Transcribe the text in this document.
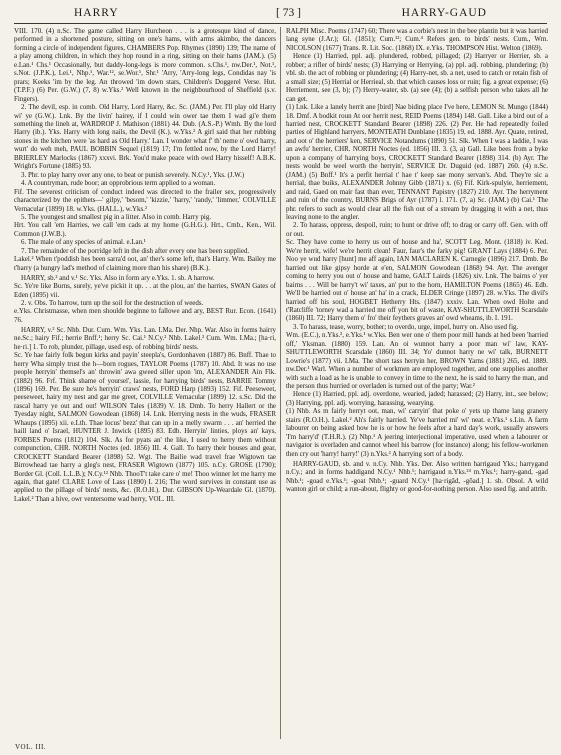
HARRY	[ 73 ]	HARRY-GAUD

VIII. 170. (4) n.Sc. The game called Harry Hurcheon . . . is a grotesque kind of dance, performed in a shortened posture, sitting on one's hams, with arms akimbo, the dancers forming a circle of independent figures, CHAMBERS Pop. Rhymes (1890) 139; The name of a play among children, in which they hop round in a ring, sitting on their hams (JAM.). (5) e.Lan.¹ Chs.¹ Occasionally, but daddy-long-legs is more common. s.Chs.¹, nw.Der.¹, Not.¹, s.Not. (J.P.K.), Lei.¹, Nhp.¹, War.¹², se.Wor.¹, Shr.¹ 'Arry, 'Arry-long legs, Condidas nay 'is prars; Keeks 'im by the leg. An throwed 'im down stars, Children's Doggerel Verse. Hut. (T.P.F.) (6) Per. (G.W.) (7, 8) w.Yks.² Well known in the neighbourhood of Sheffield (s.v. Fingers).

2. The devil, esp. in comb. Old Harry, Lord Harry, &c. Sc. (JAM.) Per. I'll play old Harry wi' ye (G.W.). Lnk. By the livin' hairey, if I could win ower tae them I wad gi'e them something the lineh at, WARDROP J. Mathison (1881) 44. Dub. (A.S.-P.) Wmh. By the lord Harry (ib.). Yks. Harry with long nails, the Devil (K.). w.Yks.² A girl said that her rubbing stones in the kitchen were 'as hard as Old Harry.' Lan. I wonder what f' th' neme o' owd harry, wurt' do weh meh, PAUL BOBBIN Sequel (1819) 17; I'm fettled now, by the Lord Harry! BRIERLEY Marlocks (1867) xxxvi. Brk. You'd make peace with owd Harry hisself! A.B.K. Wright's Fortune (1885) 93.

3. Phr. to play harry over any one, to beat or punish severely. N.Cy.¹, Yks. (J.W.)

4. A countryman, rude boor; an opprobrious term applied to a woman.

Fif. The severest criticism of conduct indeed was directed to the frailer sex, progressively characterized by the epithets—' gilpy,' 'besom,' 'kizzie,' 'harry,' 'randy,' 'limmer,' COLVILLE Vernacular (1899) 18. w.Yks. (HALL.), w.Yks.²

5. The youngest and smallest pig in a litter. Also in comb. Harry pig.

Hrt. You call 'em Harries, we call 'em cads at my home (G.H.G.). Hrt., Cmb., Ken., Wil. Common (J.W.B.).

6. The male of any species of animal. e.Lan.¹

7. The remainder of the porridge left in the dish after every one has been supplied.

Lakel.² When t'poddish hes been sarra'd oot, an' ther's some left, that's Harry. Wm. Bailey me t'harry (a hungry lad's method of claiming more than his share) (B.K.).

HARRY, sb.² and v.¹ Sc. Yks. Also in form ary e.Yks. 1. sb. A harrow.

Sc. Ye're like Burns, surely, ye've pickit it up. . . at the plou, an' the harries, SWAN Gates of Eden (1895) vii.

2. v. Obs. To harrow, turn up the soil for the destruction of weeds.

e.Yks. Christmasse, when men shoulde beginne to fallowe and ary, BEST Rur. Econ. (1641) 76.

HARRY, v.² Sc. Nhb. Dur. Cum. Wm. Yks. Lan. I.Ma. Der. Nhp. War. Also in forms hairry ne.Sc.; hairy Fif.; herrie Bnff.¹; herry Sc. Cai.¹ N.Cy.² Nhb. Lakel.² Cum. Wm. I.Ma.; [ha·ri, he·ri.] 1. To rob, plunder, pillage, used esp. of robbing birds' nests.

Sc. Ye hae fairly folk begun kirks and payin' steepla's, Gordonhaven (1887) 86. Bnff. Thae to herry Wha simply trust the h—born rogues, TAYLOR Poems (1787) 10. Abd. It was no use people herryin' themsel's an' throwin' awa gweed siller upon 'im, ALEXANDER Ain Flk. (1882) 96. Frf. Think shame of yoursel', lassie, for harrying birds' nests, BARRIE Tommy (1896) 169. Per. Be sure he's herryin' craws' nests, FORD Harp (1893) 152. Fif. Peeseweet, peeseweet, hairy my nest and gar me greet, COLVILLE Vernacular (1899) 12. s.Sc. Did the rascal harry ye out and out! WILSON Tales (1839) V. 18. Dmb. To herry Hallert or the Tyesday night, SALMON Gowodean (1868) 14. Lnk. Herrying nests in the wuds, FRASER Whaups (1895) xii. e.Lth. Thae locus' bezz' that can up in a melly swarm . . . an' herried the haill land o' Israel, HUNTER J. Inwick (1895) 83. Edb. Herryin' linties, ploys an' kays, FORBES Poems (1812) 104. Slk. As for pyats an' the like, I used to herry them without compunction, CHR. NORTH Noctes (ed. 1856) III. 4. Gall. To harry their houses and gear, CROCKETT Standard Bearer (1898) 52. Wgt. The Bailie wad travel frae Wigtown tae Birrowhead tae harry a gleg's nest, FRASER Wigtown (1877) 105. n.Cy. GROSE (1790); Border Gl. (Coll. L.L.B.); N.Cy.¹² Nhb. ThooT't take care o' me! Thoo winner let me harry me again, that gate! CLARE Love of Lass (1890) I. 216; The word survives in constant use as applied to the pillage of birds' nests, &c. (R.O.H.). Dur. GIBSON Up-Weardale Gl. (1870). Lakel.² Than a hive, owr ventersome wad herry, VOL. III.

RALPH Misc. Poems (1747) 60; There was a corbie's nest in the bee plantin but it was harried lang syne (J.Ar.); Gl. (1851); Cum.¹²; Cum.⁴ Refers gen. to birds' nests. Cum., Wm. NICOLSON (1677) Trans. R. Lit. Soc. (1868) IX. e.Yks. THOMPSON Hist. Welton (1869).

Hence (1) Harried, ppl. adj. plundered, robbed, pillaged; (2) Harryer or Herrier, sb. a robber; a rifler of birds' nests; (3) Harrying or Herrying, (a) ppl. adj. robbing, plundering; (b) vbl. sb. the act of robbing or plundering; (4) Harry-net, sb. a net, used to catch or retain fish of a small size; (5) Herrial or Herrieal, sb. that which causes loss or ruin; fig. a great expense; (6) Herriement, see (3, b); (7) Herry-water, sb. (a) see (4); (b) a selfish person who takes all he can get.

(1) Lnk. Like a lanely herrit ane [bird] Nae biding place I've here, LEMON St. Mungo (1844) 18. Dmf. A bodkit roun At oor herrit nest, REID Poems (1894) 148. Gall. Like a bird out of a harried nest, CROCKETT Standard Bearer (1898) 226. (2) Per. He had repeatedly foiled parties of Highland harryers, MONTEATH Dunblane (1835) 19, ed. 1888. Ayr. Quate, retired, and oot o' the herriers' ken, SERVICE Notandums (1890) 51. Slk. When I was a laddie, I was an awfu' herrier, CHR. NORTH Noctes (ed. 1856) III. 3. (3, a) Gall. Like bees from a byke upon a company of harrying boys, CROCKETT Standard Bearer (1898) 314. (b) Ayr. The nests would be weel worth the herryin', SERVICE Dr. Duguid (ed. 1887) 260. (4) n.Sc. (JAM.) (5) Bnff.¹ It's a perfit herrial t' hae t' keep sae mony servan's. Abd. They're sic a herrial, thae buiks, ALEXANDER Johnny Gibb (1871) x. (6) Fif. Kirk-spulyie, herriement, and raid, Gaed on mair fast than ever, TENNANT Papistry (1827) 210. Ayr. The herryment and ruin of the country, BURNS Brigs of Ayr (1787) l. 171. (7, a) Sc. (JAM.) (b) Cai.¹ The phr. refers to such as would clear all the fish out of a stream by dragging it with a net, thus leaving none to the angler.

2. To harass, oppress, despoil, ruin; to hunt or drive off; to drag or carry off. Gen. with off or out.

Sc. They have come to herry us out of house and ha', SCOTT Leg. Mont. (1818) iv. Ked. We're herrit, wife! we're herrit clean! Faur, faur's the farky pig! GRANT Lays (1884) 6. Per. Noo ye wud harry [hunt] me aff again, IAN MACLAREN K. Carnegie (1896) 217. Dmb. Be harried out like gipsy horde at e'en, SALMON Gowodean (1868) 94. Ayr. The avenger coming to herry you out o' house and hame, GALT Lairds (1826) xiv. Lnk. The bairns o' yer bairns . . . Will be harry't wi' taxes, an' put to the horn, HAMILTON Poems (1865) 46. Edb. We'll be harried out o' house an' ha' in a crack, ELDER Cringe (1897) 28. w.Yks. The divil's harried off his soul, HOGBET Hetherry Hts. (1847) xxxiv. Lan. When owd Holte and t'Ratcliffe 'torney wad a harried me off yon bit of waste, KAY-SHUTTLEWORTH Scarsdale (1860) III. 72; Harry them o' fro' their feythers graves an' owd wheams, ib. I. 191.

3. To harass, tease, worry, bother; to overdo, urge, impel, hurry on. Also used fig.

Wm. (E.C.), n.Yks.², e.Yks.¹ w.Yks. Ben wer one o' them poor mill hands at hed been 'harried off,' Yksman. (1880) 159. Lan. An oi wunnot harry a poor man wi' law, KAY-SHUTTLEWORTH Scarsdale (1860) III. 34; Yo' dunnot harry ne wi' talk, BURNETT Lowrie's (1877) vii. I.Ma. The short tass herryin her, BROWN Yarns (1881) 265, ed. 1889. nw.Der.¹ Warl. When a number of workmen are employed together, and one supplies another with such a load as he is unable to convey in time to the next, he is said to harry the man, and the person thus hurried or overladen is turned out of the party; War.²

Hence (1) Harried, ppl. adj. overdone, wearied, jaded; harassed; (2) Harry, int., see below; (3) Harrying, ppl. adj. worrying, harassing, wearying.

(1) Nhb. As m fairly herryt oot, man, wi' carryin' that poke o' yets up thame lang granery stairs (R.O.H.). Lakel.² Ah's fairly harried. Ye've harried mi' wi' neat. e.Yks.¹ s.Lin. A farm labourer on being asked how he is or how he feels after a hard day's work, usually answers 'I'm harry'd' (T.H.R.). (2) Nhp.¹ A jeering interjectional imperative, used when a labourer or navigator is overladen and cannot wheel his barrow (for instance) along; his fellow-workmen then cry out 'harry! harry!' (3) n.Yks.² A harrying sort of a body.

HARRY-GAUD, sb. and v. n.Cy. Nhb. Yks. Der. Also written harrigaud Yks.; harrygand n.Cy.; and in forms haddigand N.Cy.¹ Nhb.¹; harrigaud n.Yks.²⁴ m.Yks.¹; harry-gand, -gad Nhb.¹; -goad e.Yks.¹; -goat Nhb.¹; -guard N.Cy.¹ [ha·rigād, -gōad.] 1. sb. Obsol. A wild wanton girl or child; a run-about, flighty or good-for-nothing person. Also used fig. and attrib.

VOL. III.
